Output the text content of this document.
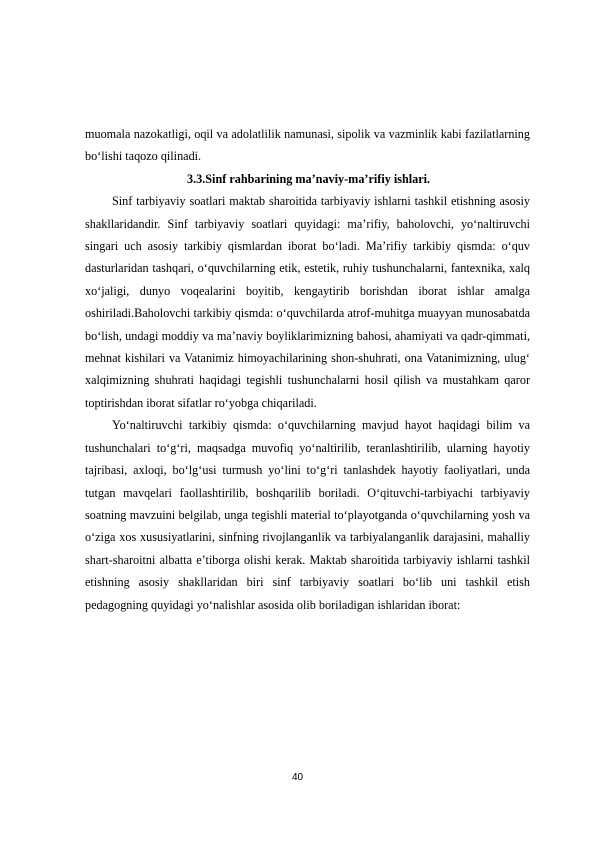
muomala nazokatligi, oqil va adolatlilik namunasi, sipolik va vazminlik kabi fazilatlarning bo‘lishi taqozo qilinadi.

3.3.Sinf rahbarining ma’naviy-ma’rifiy ishlari.

Sinf tarbiyaviy soatlari maktab sharoitida tarbiyaviy ishlarni tashkil etishning asosiy shakllaridandir. Sinf tarbiyaviy soatlari quyidagi: ma’rifiy, baholovchi, yo‘naltiruvchi singari uch asosiy tarkibiy qismlardan iborat bo‘ladi. Ma’rifiy tarkibiy qismda: o‘quv dasturlaridan tashqari, o‘quvchilarning etik, estetik, ruhiy tushunchalarni, fantexnika, xalq xo‘jaligi, dunyo voqealarini boyitib, kengaytirib borishdan iborat ishlar amalga oshiriladi.Baholovchi tarkibiy qismda: o‘quvchilarda atrof-muhitga muayyan munosabatda bo‘lish, undagi moddiy va ma’naviy boyliklarimizning bahosi, ahamiyati va qadr-qimmati, mehnat kishilari va Vatanimiz himoyachilarining shon-shuhrati, ona Vatanimizning, ulug‘ xalqimizning shuhrati haqidagi tegishli tushunchalarni hosil qilish va mustahkam qaror toptirishdan iborat sifatlar ro‘yobga chiqariladi.

Yo‘naltiruvchi tarkibiy qismda: o‘quvchilarning mavjud hayot haqidagi bilim va tushunchalari to‘g‘ri, maqsadga muvofiq yo‘naltirilib, teranlashtirilib, ularning hayotiy tajribasi, axloqi, bo‘lg‘usi turmush yo‘lini to‘g‘ri tanlashdek hayotiy faoliyatlari, unda tutgan mavqelari faollashtirilib, boshqarilib boriladi. O‘qituvchi-tarbiyachi tarbiyaviy soatning mavzuini belgilab, unga tegishli material to‘playotganda o‘quvchilarning yosh va o‘ziga xos xususiyatlarini, sinfning rivojlanganlik va tarbiyalanganlik darajasini, mahalliy shart-sharoitni albatta e’tiborga olishi kerak. Maktab sharoitida tarbiyaviy ishlarni tashkil etishning asosiy shakllaridan biri sinf tarbiyaviy soatlari bo‘lib uni tashkil etish pedagogning quyidagi yo‘nalishlar asosida olib boriladigan ishlaridan iborat:

40
